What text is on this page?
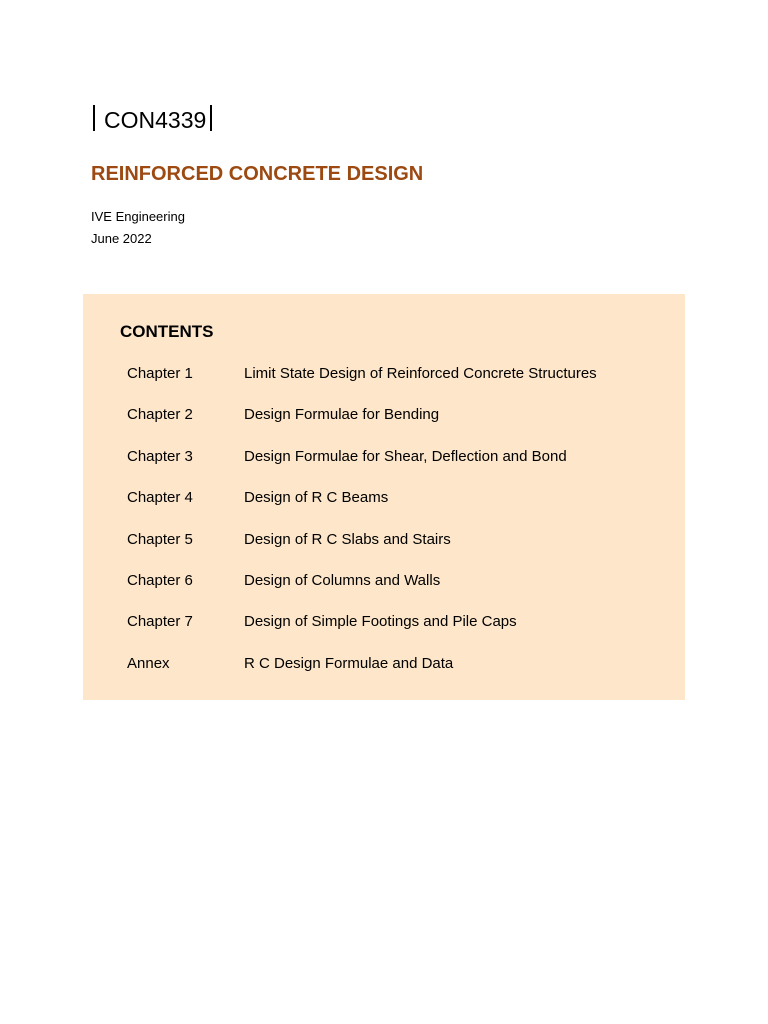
CON4339
REINFORCED CONCRETE DESIGN
IVE Engineering
June 2022
CONTENTS
Chapter 1	Limit State Design of Reinforced Concrete Structures
Chapter 2	Design Formulae for Bending
Chapter 3	Design Formulae for Shear, Deflection and Bond
Chapter 4	Design of R C Beams
Chapter 5	Design of R C Slabs and Stairs
Chapter 6	Design of Columns and Walls
Chapter 7	Design of Simple Footings and Pile Caps
Annex	R C Design Formulae and Data
